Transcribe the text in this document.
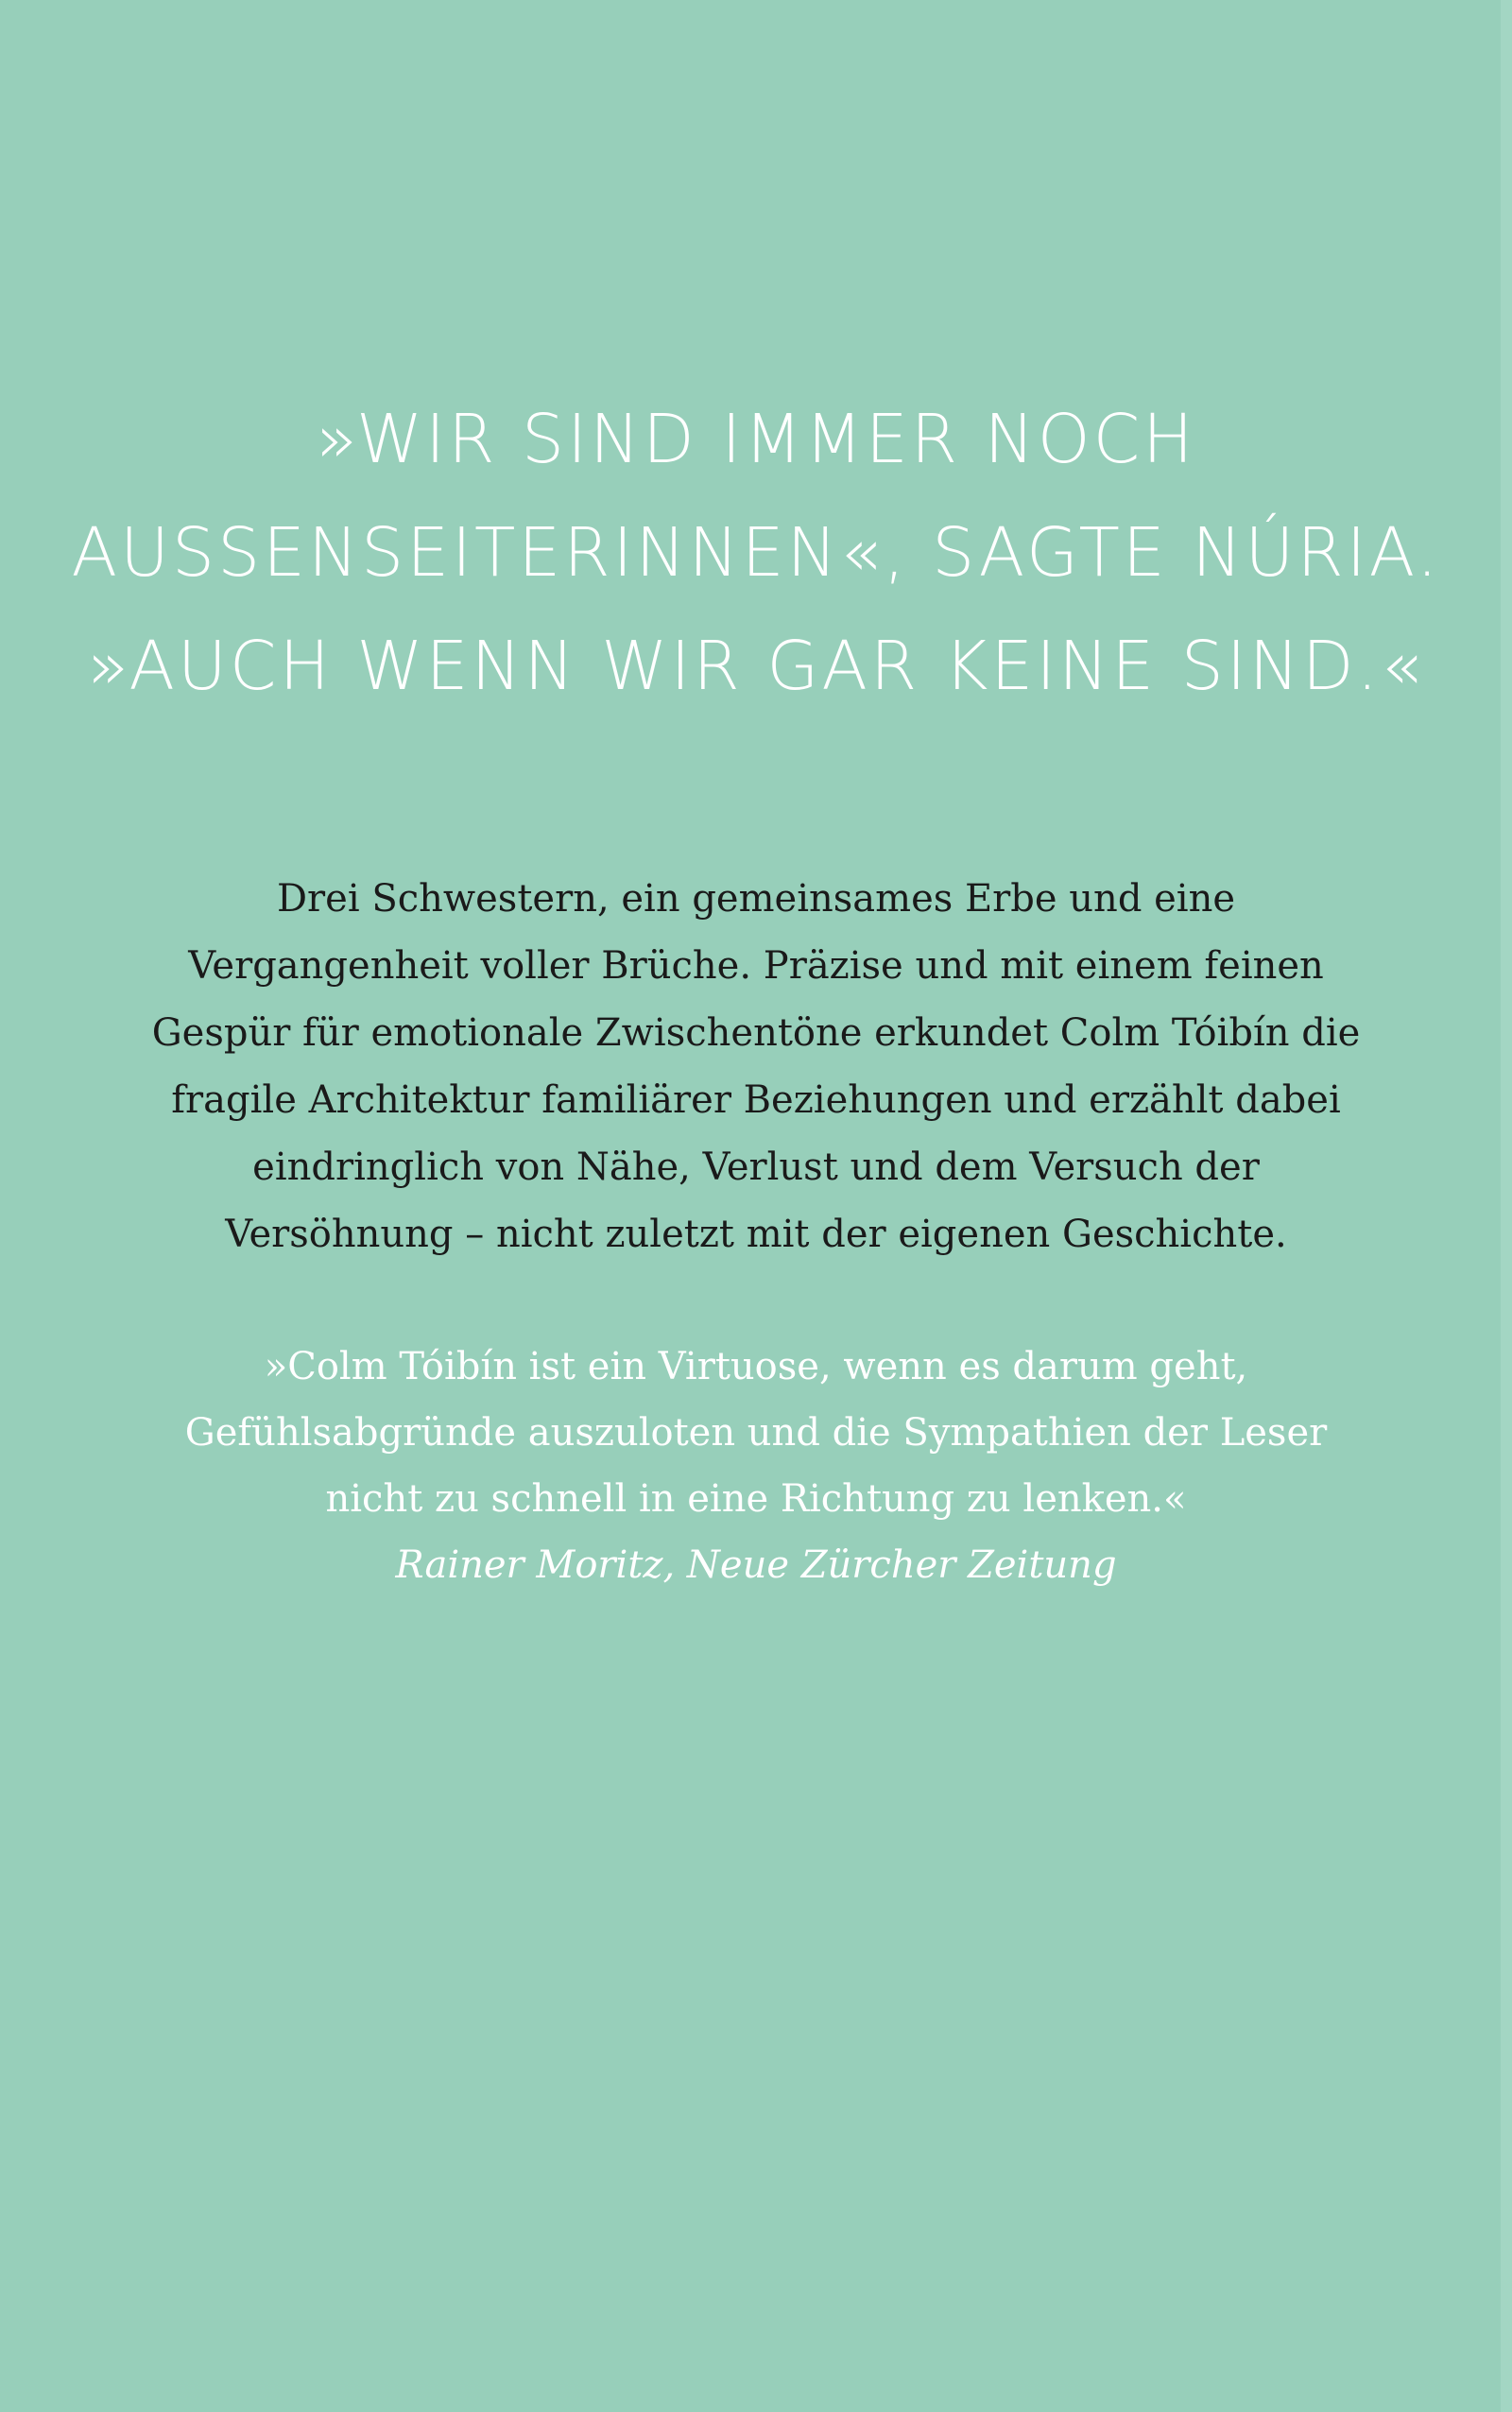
»WIR SIND IMMER NOCH
AUSSENSEITERINNEN«, SAGTE NÚRIA.
»AUCH WENN WIR GAR KEINE SIND.«

Drei Schwestern, ein gemeinsames Erbe und eine
Vergangenheit voller Brüche. Präzise und mit einem feinen
Gespür für emotionale Zwischentöne erkundet Colm Tóibín die
fragile Architektur familiärer Beziehungen und erzählt dabei
eindringlich von Nähe, Verlust und dem Versuch der
Versöhnung – nicht zuletzt mit der eigenen Geschichte.

»Colm Tóibín ist ein Virtuose, wenn es darum geht,
Gefühlsabgründe auszuloten und die Sympathien der Leser
nicht zu schnell in eine Richtung zu lenken.«
Rainer Moritz, Neue Zürcher Zeitung
